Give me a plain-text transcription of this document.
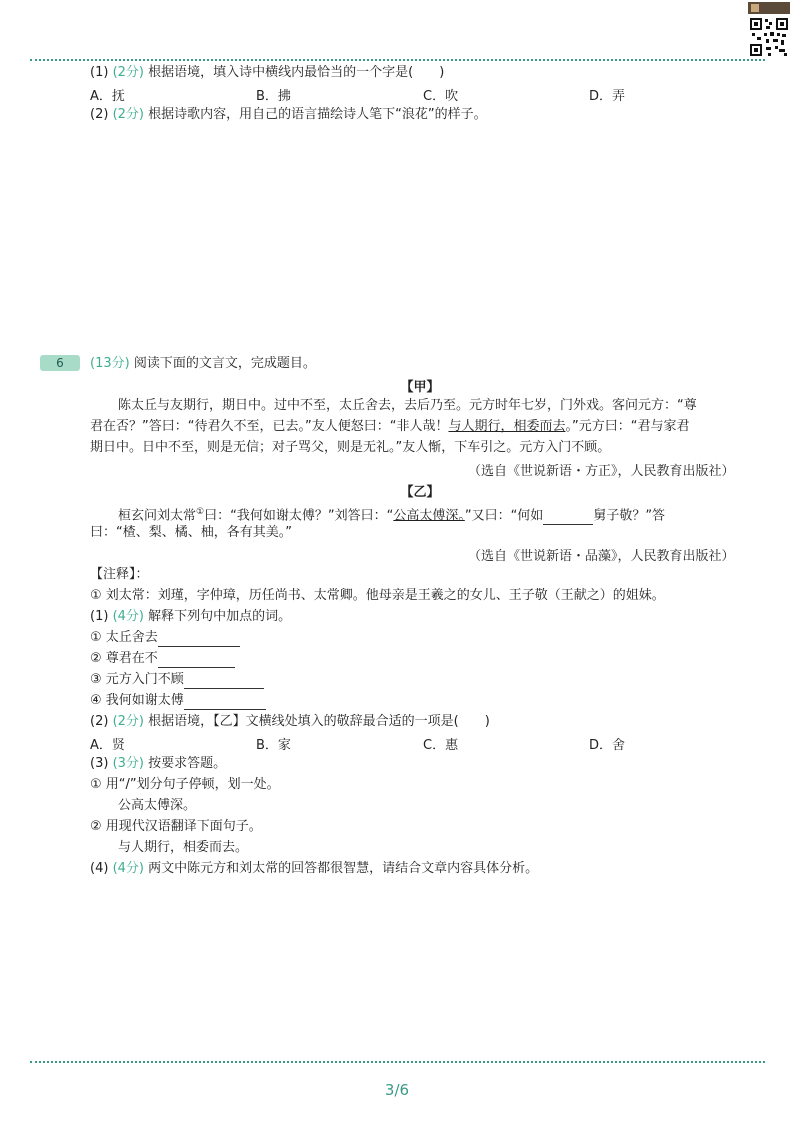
(1) (2分) 根据语境，填入诗中横线内最恰当的一个字是(　　)
A．抚	B．拂	C．吹	D．弄
(2) (2分) 根据诗歌内容，用自己的语言描绘诗人笔下“浪花”的样子。
6	(13分) 阅读下面的文言文，完成题目。
【甲】
陈太丘与友期行，期日中。过中不至，太丘舍去，去后乃至。元方时年七岁，门外戏。客问元方：“尊
君在否？”答曰：“待君久不至，已去。”友人便怒曰：“非人哉！与人期行，相委而去。”元方曰：“君与家君
期日中。日中不至，则是无信；对子骂父，则是无礼。”友人惭，下车引之。元方入门不顾。
（选自《世说新语・方正》，人民教育出版社）
【乙】
桓玄问刘太常①曰：“我何如谢太傅？”刘答曰：“公高太傅深。”又曰：“何如	舅子敬？”答
曰：“楂、梨、橘、柚，各有其美。”
（选自《世说新语・品藻》，人民教育出版社）
【注释】：
① 刘太常：刘瑾，字仲璋，历任尚书、太常卿。他母亲是王羲之的女儿、王子敬（王献之）的姐妹。
(1) (4分) 解释下列句中加点的词。
① 太丘舍去
② 尊君在不
③ 元方入门不顾
④ 我何如谢太傅
(2) (2分) 根据语境，【乙】文横线处填入的敬辞最合适的一项是(　　)
A．贤	B．家	C．惠	D．舍
(3) (3分) 按要求答题。
① 用“/”划分句子停顿，划一处。
公高太傅深。
② 用现代汉语翻译下面句子。
与人期行，相委而去。
(4) (4分) 两文中陈元方和刘太常的回答都很智慧，请结合文章内容具体分析。
3/6
